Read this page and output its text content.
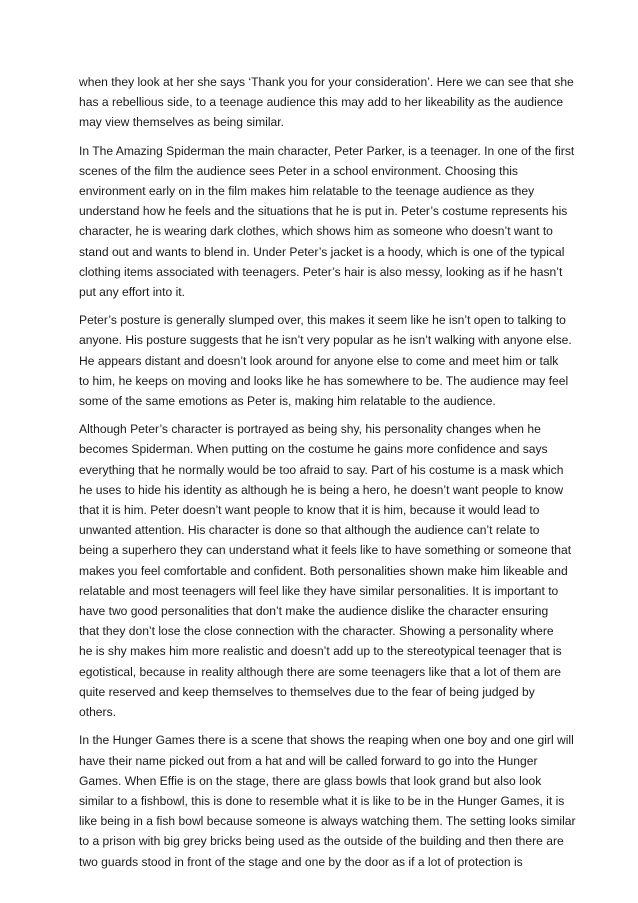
when they look at her she says ‘Thank you for your consideration’. Here we can see that she
has a rebellious side, to a teenage audience this may add to her likeability as the audience
may view themselves as being similar.

In The Amazing Spiderman the main character, Peter Parker, is a teenager. In one of the first
scenes of the film the audience sees Peter in a school environment. Choosing this
environment early on in the film makes him relatable to the teenage audience as they
understand how he feels and the situations that he is put in. Peter’s costume represents his
character, he is wearing dark clothes, which shows him as someone who doesn’t want to
stand out and wants to blend in. Under Peter’s jacket is a hoody, which is one of the typical
clothing items associated with teenagers. Peter’s hair is also messy, looking as if he hasn’t
put any effort into it.

Peter’s posture is generally slumped over, this makes it seem like he isn’t open to talking to
anyone. His posture suggests that he isn’t very popular as he isn’t walking with anyone else.
He appears distant and doesn’t look around for anyone else to come and meet him or talk
to him, he keeps on moving and looks like he has somewhere to be. The audience may feel
some of the same emotions as Peter is, making him relatable to the audience.

Although Peter’s character is portrayed as being shy, his personality changes when he
becomes Spiderman. When putting on the costume he gains more confidence and says
everything that he normally would be too afraid to say. Part of his costume is a mask which
he uses to hide his identity as although he is being a hero, he doesn’t want people to know
that it is him. Peter doesn’t want people to know that it is him, because it would lead to
unwanted attention. His character is done so that although the audience can’t relate to
being a superhero they can understand what it feels like to have something or someone that
makes you feel comfortable and confident. Both personalities shown make him likeable and
relatable and most teenagers will feel like they have similar personalities. It is important to
have two good personalities that don’t make the audience dislike the character ensuring
that they don’t lose the close connection with the character. Showing a personality where
he is shy makes him more realistic and doesn’t add up to the stereotypical teenager that is
egotistical, because in reality although there are some teenagers like that a lot of them are
quite reserved and keep themselves to themselves due to the fear of being judged by
others.

In the Hunger Games there is a scene that shows the reaping when one boy and one girl will
have their name picked out from a hat and will be called forward to go into the Hunger
Games. When Effie is on the stage, there are glass bowls that look grand but also look
similar to a fishbowl, this is done to resemble what it is like to be in the Hunger Games, it is
like being in a fish bowl because someone is always watching them. The setting looks similar
to a prison with big grey bricks being used as the outside of the building and then there are
two guards stood in front of the stage and one by the door as if a lot of protection is
